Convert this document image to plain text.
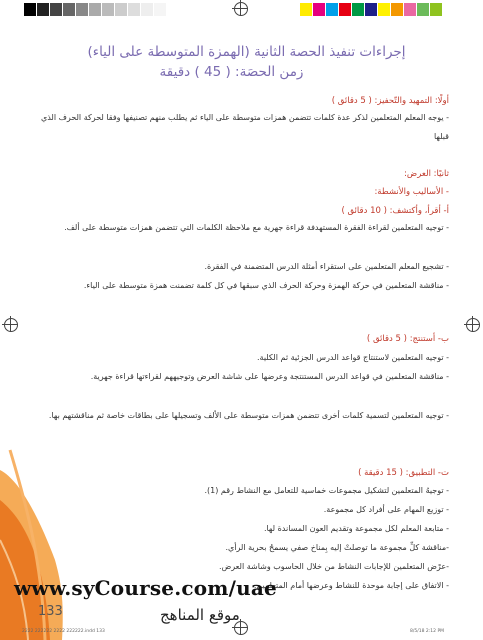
إجراءات تنفيذ الحصة الثانية (الهمزة المتوسطة على الياء)
زمن الحصَة: ( 45 ) دقيقة
أولًا: التمهيد والتّحفيز: ( 5 دقائق )
- يوجه المعلم المتعلمين لذكر عدة كلمات تتضمن همزات متوسطة على الياء ثم يطلب منهم تصنيفها وفقا لحركة الحرف الذي قبلها
ثانيًا: العرض:
- الأساليب والأنشطة:
أ- أقرأ، وأكتشف: ( 10 دقائق )
- توجيه المتعلمين لقراءة الفقرة المستهدفة قراءة جهرية مع ملاحظة الكلمات التي تتضمن همزات متوسطة على ألف.
- تشجيع المعلم المتعلمين على استقراء أمثلة الدرس المتضمنة في الفقرة.
- مناقشة المتعلمين في حركة الهمزة وحركة الحرف الذي سبقها في كل كلمة تضمنت همزة متوسطة على الياء.
ب- أستنتج: ( 5 دقائق )
- توجيه المتعلمين لاستنتاج قواعد الدرس الجزئية ثم الكلية.
- مناقشة المتعلمين في قواعد الدرس المستنتجة وعرضها على شاشة العرض وتوجيههم لقراءتها قراءة جهرية.
- توجيه المتعلمين لتسمية كلمات أخرى تتضمن همزات متوسطة على الألف وتسجيلها على بطاقات خاصة ثم مناقشتهم بها.
ت- التطبيق: ( 15 دقيقة )
- توجيهُ المتعلمين لتشكيل مجموعات خماسية للتعامل مع النشاط رقم (1).
- توزيع المهام على أفراد كل مجموعة.
- متابعة المعلم لكل مجموعة وتقديم العون المساندة لها.
-مناقشة كلِّ مجموعة ما توصلتْ إليه بِمناخ صفي يسمحُ بحرية الرأي.
-عرْض المتعلمين للإجابات النشاط من خلال الحاسوب وشاشة العرض.
- الاتفاق على إجابة موحدة للنشاط وعرضها أمام المتعلمين.
www.syCourse.com/uae
موقع المناهج
133
2222 222222 2222 222222.indd 133	8/5/18 2:12 PM
